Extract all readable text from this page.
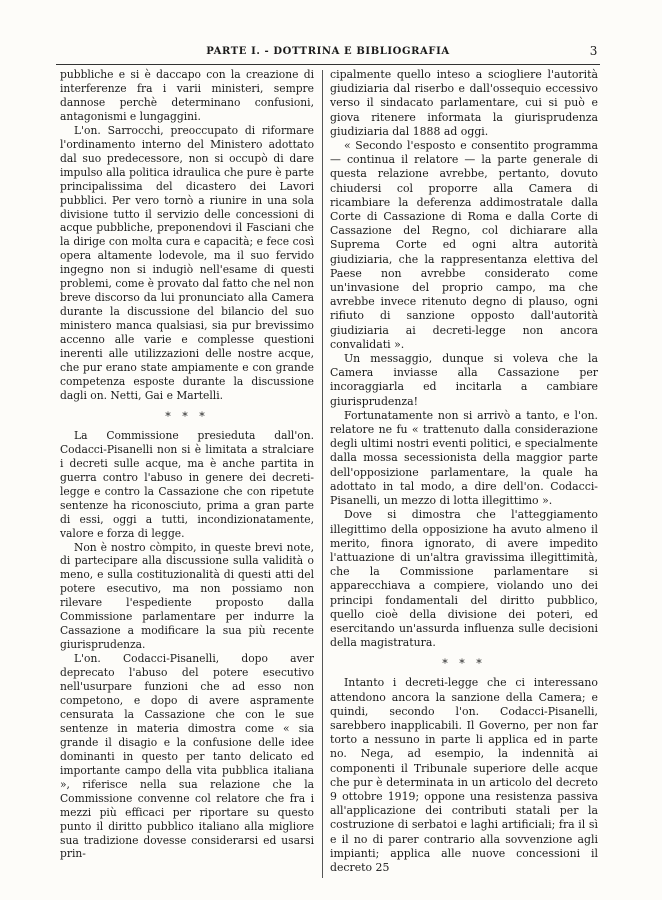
PARTE I. - DOTTRINA E BIBLIOGRAFIA	3

pubbliche e si è daccapo con la creazione di interferenze fra i varii ministeri, sempre dannose perchè determinano confusioni, antagonismi e lungaggini.

L'on. Sarrocchi, preoccupato di riformare l'ordinamento interno del Ministero adottato dal suo predecessore, non si occupò di dare impulso alla politica idraulica che pure è parte principalissima del dicastero dei Lavori pubblici. Per vero tornò a riunire in una sola divisione tutto il servizio delle concessioni di acque pubbliche, preponendovi il Fasciani che la dirige con molta cura e capacità; e fece così opera altamente lodevole, ma il suo fervido ingegno non si indugiò nell'esame di questi problemi, come è provato dal fatto che nel non breve discorso da lui pronunciato alla Camera durante la discussione del bilancio del suo ministero manca qualsiasi, sia pur brevissimo accenno alle varie e complesse questioni inerenti alle utilizzazioni delle nostre acque, che pur erano state ampiamente e con grande competenza esposte durante la discussione dagli on. Netti, Gai e Martelli.

* * *

La Commissione presieduta dall'on. Codacci-Pisanelli non si è limitata a stralciare i decreti sulle acque, ma è anche partita in guerra contro l'abuso in genere dei decreti-legge e contro la Cassazione che con ripetute sentenze ha riconosciuto, prima a gran parte di essi, oggi a tutti, incondizionatamente, valore e forza di legge.

Non è nostro còmpito, in queste brevi note, di partecipare alla discussione sulla validità o meno, e sulla costituzionalità di questi atti del potere esecutivo, ma non possiamo non rilevare l'espediente proposto dalla Commissione parlamentare per indurre la Cassazione a modificare la sua più recente giurisprudenza.

L'on. Codacci-Pisanelli, dopo aver deprecato l'abuso del potere esecutivo nell'usurpare funzioni che ad esso non competono, e dopo di avere aspramente censurata la Cassazione che con le sue sentenze in materia dimostra come « sia grande il disagio e la confusione delle idee dominanti in questo per tanto delicato ed importante campo della vita pubblica italiana », riferisce nella sua relazione che la Commissione convenne col relatore che fra i mezzi più efficaci per riportare su questo punto il diritto pubblico italiano alla migliore sua tradizione dovesse considerarsi ed usarsi prin-

cipalmente quello inteso a sciogliere l'autorità giudiziaria dal riserbo e dall'ossequio eccessivo verso il sindacato parlamentare, cui si può e giova ritenere informata la giurisprudenza giudiziaria dal 1888 ad oggi.

« Secondo l'esposto e consentito programma — continua il relatore — la parte generale di questa relazione avrebbe, pertanto, dovuto chiudersi col proporre alla Camera di ricambiare la deferenza addimostratale dalla Corte di Cassazione di Roma e dalla Corte di Cassazione del Regno, col dichiarare alla Suprema Corte ed ogni altra autorità giudiziaria, che la rappresentanza elettiva del Paese non avrebbe considerato come un'invasione del proprio campo, ma che avrebbe invece ritenuto degno di plauso, ogni rifiuto di sanzione opposto dall'autorità giudiziaria ai decreti-legge non ancora convalidati ».

Un messaggio, dunque si voleva che la Camera inviasse alla Cassazione per incoraggiarla ed incitarla a cambiare giurisprudenza!

Fortunatamente non si arrivò a tanto, e l'on. relatore ne fu « trattenuto dalla considerazione degli ultimi nostri eventi politici, e specialmente dalla mossa secessionista della maggior parte dell'opposizione parlamentare, la quale ha adottato in tal modo, a dire dell'on. Codacci-Pisanelli, un mezzo di lotta illegittimo ».

Dove si dimostra che l'atteggiamento illegittimo della opposizione ha avuto almeno il merito, finora ignorato, di avere impedito l'attuazione di un'altra gravissima illegittimità, che la Commissione parlamentare si apparecchiava a compiere, violando uno dei principi fondamentali del diritto pubblico, quello cioè della divisione dei poteri, ed esercitando un'assurda influenza sulle decisioni della magistratura.

* * *

Intanto i decreti-legge che ci interessano attendono ancora la sanzione della Camera; e quindi, secondo l'on. Codacci-Pisanelli, sarebbero inapplicabili. Il Governo, per non far torto a nessuno in parte li applica ed in parte no. Nega, ad esempio, la indennità ai componenti il Tribunale superiore delle acque che pur è determinata in un articolo del decreto 9 ottobre 1919; oppone una resistenza passiva all'applicazione dei contributi statali per la costruzione di serbatoi e laghi artificiali; fra il sì e il no di parer contrario alla sovvenzione agli impianti; applica alle nuove concessioni il decreto 25
